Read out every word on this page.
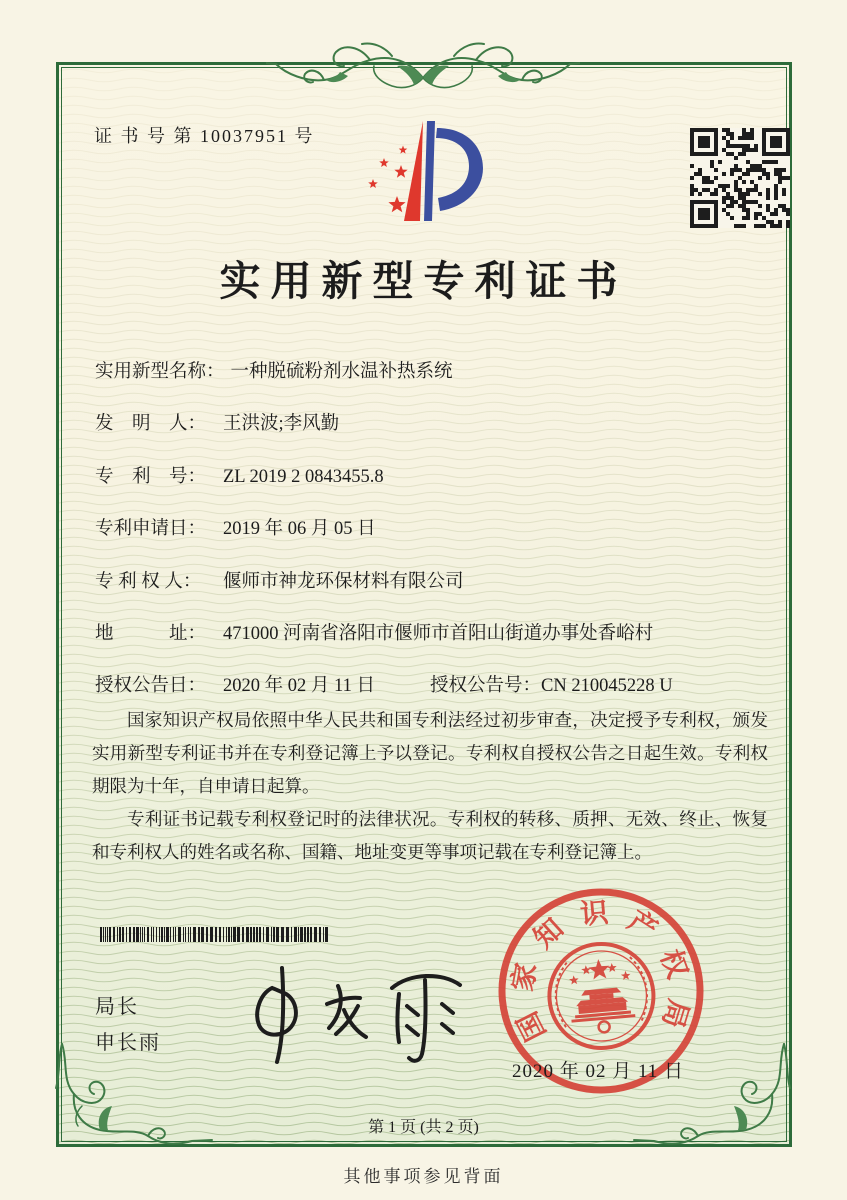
证 书 号 第 10037951 号
实用新型专利证书
实用新型名称： 一种脱硫粉剂水温补热系统
发　明　人： 王洪波;李风勤
专　利　号： ZL 2019 2 0843455.8
专利申请日： 2019 年 06 月 05 日
专 利 权 人： 偃师市神龙环保材料有限公司
地　　　址： 471000 河南省洛阳市偃师市首阳山街道办事处香峪村
授权公告日： 2020 年 02 月 11 日	授权公告号：CN 210045228 U

国家知识产权局依照中华人民共和国专利法经过初步审查，决定授予专利权，颁发实用新型专利证书并在专利登记簿上予以登记。专利权自授权公告之日起生效。专利权期限为十年，自申请日起算。

专利证书记载专利权登记时的法律状况。专利权的转移、质押、无效、终止、恢复和专利权人的姓名或名称、国籍、地址变更等事项记载在专利登记簿上。

局长
申长雨	国
家
知 识 产
权
局
2020 年 02 月 11 日
第 1 页 (共 2 页)
其他事项参见背面
